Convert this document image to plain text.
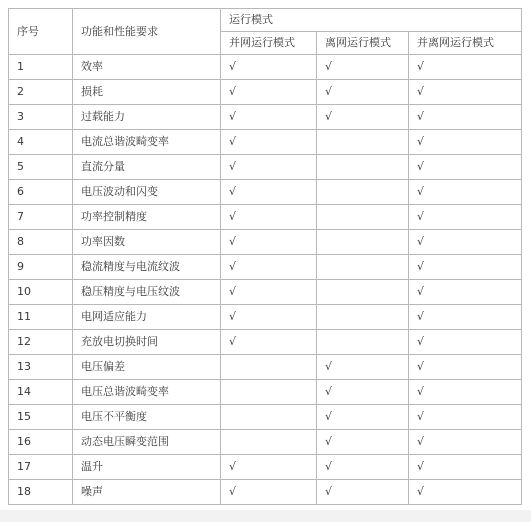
序号	功能和性能要求	运行模式		
		并网运行模式	离网运行模式	并离网运行模式
1	效率	√	√	√
2	损耗	√	√	√
3	过载能力	√	√	√
4	电流总谐波畸变率	√		√
5	直流分量	√		√
6	电压波动和闪变	√		√
7	功率控制精度	√		√
8	功率因数	√		√
9	稳流精度与电流纹波	√		√
10	稳压精度与电压纹波	√		√
11	电网适应能力	√		√
12	充放电切换时间	√		√
13	电压偏差		√	√
14	电压总谐波畸变率		√	√
15	电压不平衡度		√	√
16	动态电压瞬变范围		√	√
17	温升	√	√	√
18	噪声	√	√	√
